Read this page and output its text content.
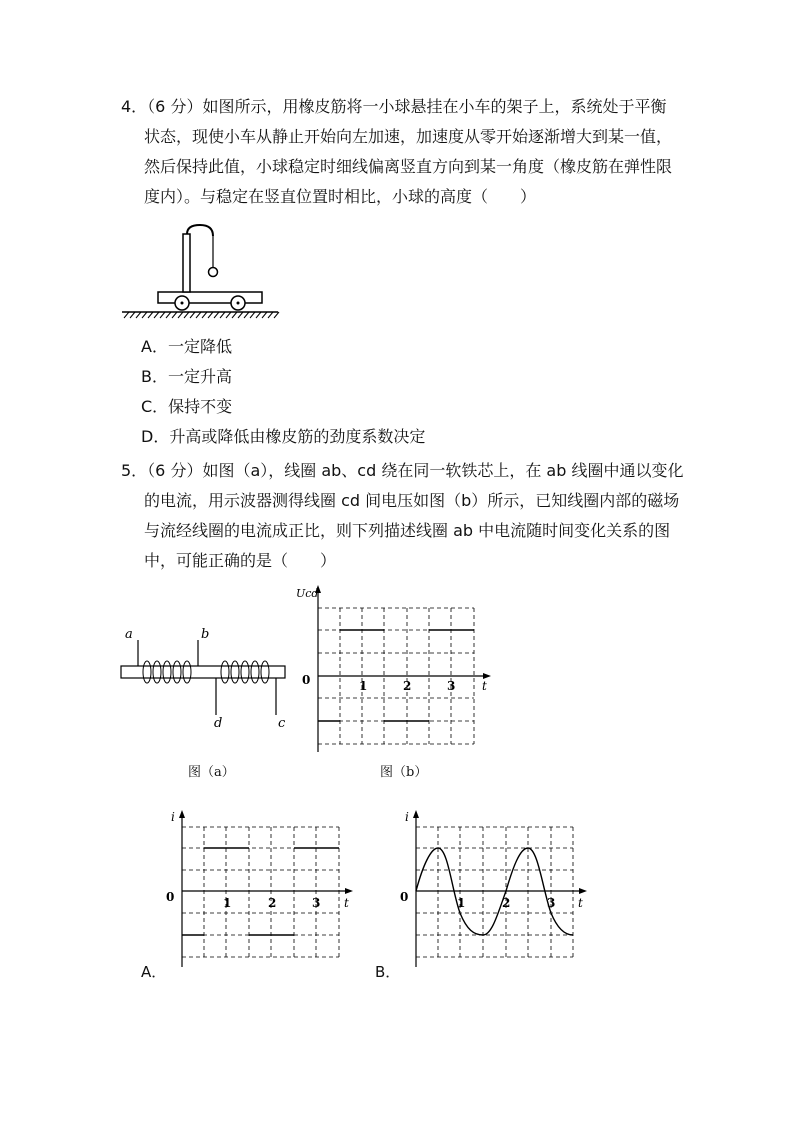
4．（6 分）如图所示，用橡皮筋将一小球悬挂在小车的架子上，系统处于平衡
状态，现使小车从静止开始向左加速，加速度从零开始逐渐增大到某一值，
然后保持此值，小球稳定时细线偏离竖直方向到某一角度（橡皮筋在弹性限
度内）。与稳定在竖直位置时相比，小球的高度（　　）
A．一定降低
B．一定升高
C．保持不变
D．升高或降低由橡皮筋的劲度系数决定
5．（6 分）如图（a），线圈 ab、cd 绕在同一软铁芯上，在 ab 线圈中通以变化
的电流，用示波器测得线圈 cd 间电压如图（b）所示，已知线圈内部的磁场
与流经线圈的电流成正比，则下列描述线圈 ab 中电流随时间变化关系的图
中，可能正确的是（　　）
a	b
d	c
Ucd
0	t
1	2	3
图（a）	图（b）
i
0	t
1	2	3
A．
i
0	t
1	2	3
B．
